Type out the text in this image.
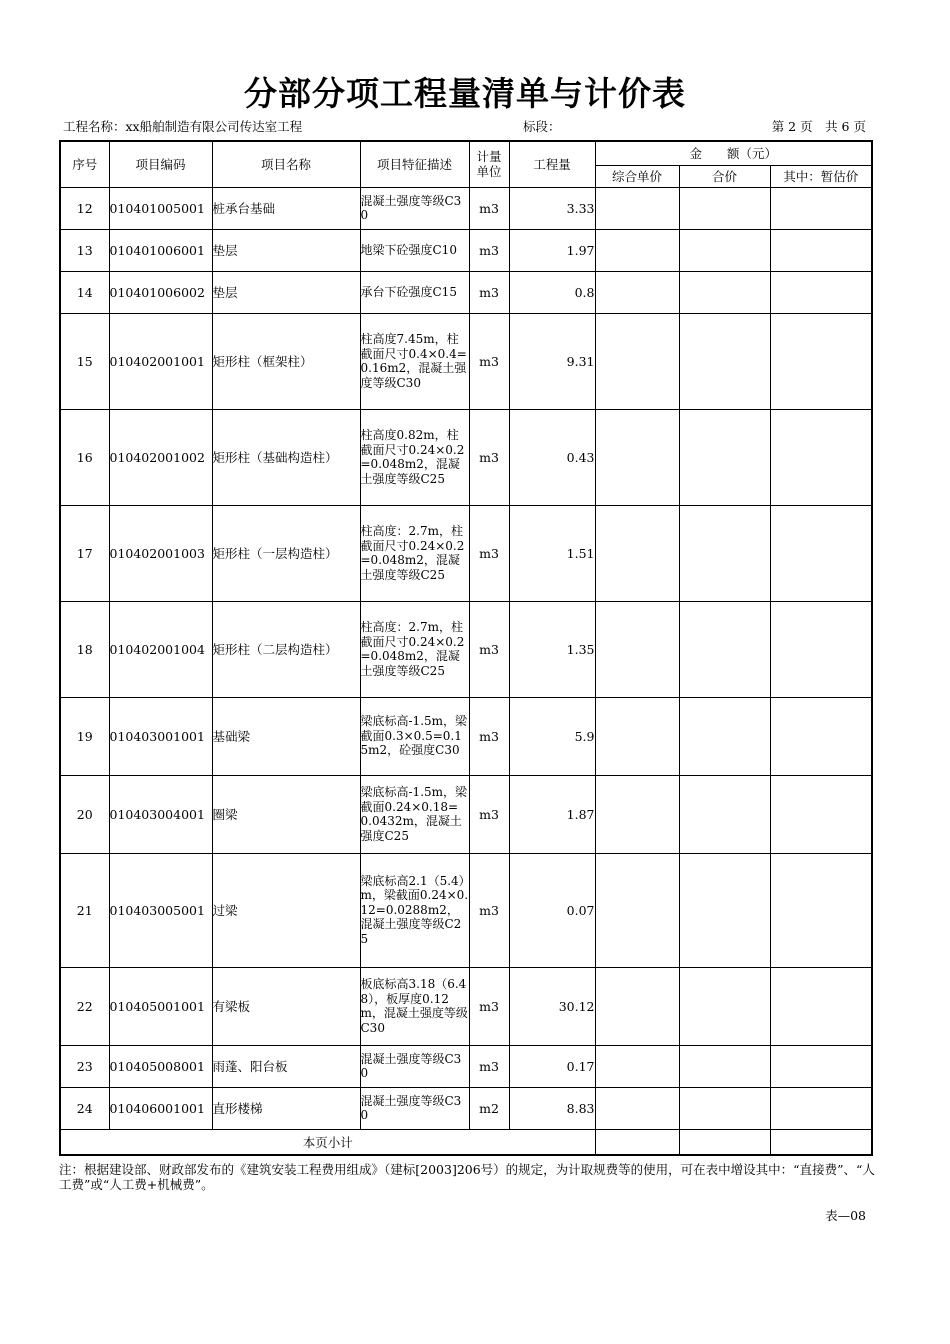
分部分项工程量清单与计价表
工程名称：xx船舶制造有限公司传达室工程	标段：	第 2 页　共 6 页
序号	项目编码	项目名称	项目特征描述	计量单位	工程量	金　　额（元）		
						综合单价	合价	其中：暂估价
12	010401005001	桩承台基础	混凝土强度等级C30	m3	3.33			
13	010401006001	垫层	地梁下砼强度C10	m3	1.97			
14	010401006002	垫层	承台下砼强度C15	m3	0.8			
15	010402001001	矩形柱（框架柱）	柱高度7.45m，柱截面尺寸0.4×0.4=0.16m2，混凝土强度等级C30	m3	9.31			
16	010402001002	矩形柱（基础构造柱）	柱高度0.82m，柱截面尺寸0.24×0.2=0.048m2，混凝土强度等级C25	m3	0.43			
17	010402001003	矩形柱（一层构造柱）	柱高度：2.7m，柱截面尺寸0.24×0.2=0.048m2，混凝土强度等级C25	m3	1.51			
18	010402001004	矩形柱（二层构造柱）	柱高度：2.7m，柱截面尺寸0.24×0.2=0.048m2，混凝土强度等级C25	m3	1.35			
19	010403001001	基础梁	梁底标高-1.5m，梁截面0.3×0.5=0.15m2，砼强度C30	m3	5.9			
20	010403004001	圈梁	梁底标高-1.5m，梁截面0.24×0.18=0.0432m，混凝土强度C25	m3	1.87			
21	010403005001	过梁	梁底标高2.1（5.4）m，梁截面0.24×0.12=0.0288m2，混凝土强度等级C25	m3	0.07			
22	010405001001	有梁板	板底标高3.18（6.48），板厚度0.12m，混凝土强度等级C30	m3	30.12			
23	010405008001	雨蓬、阳台板	混凝土强度等级C30	m3	0.17			
24	010406001001	直形楼梯	混凝土强度等级C30	m2	8.83			
本页小计								
注：根据建设部、财政部发布的《建筑安装工程费用组成》（建标[2003]206号）的规定，为计取规费等的使用，可在表中增设其中：“直接费”、“人工费”或“人工费+机械费”。
表—08
